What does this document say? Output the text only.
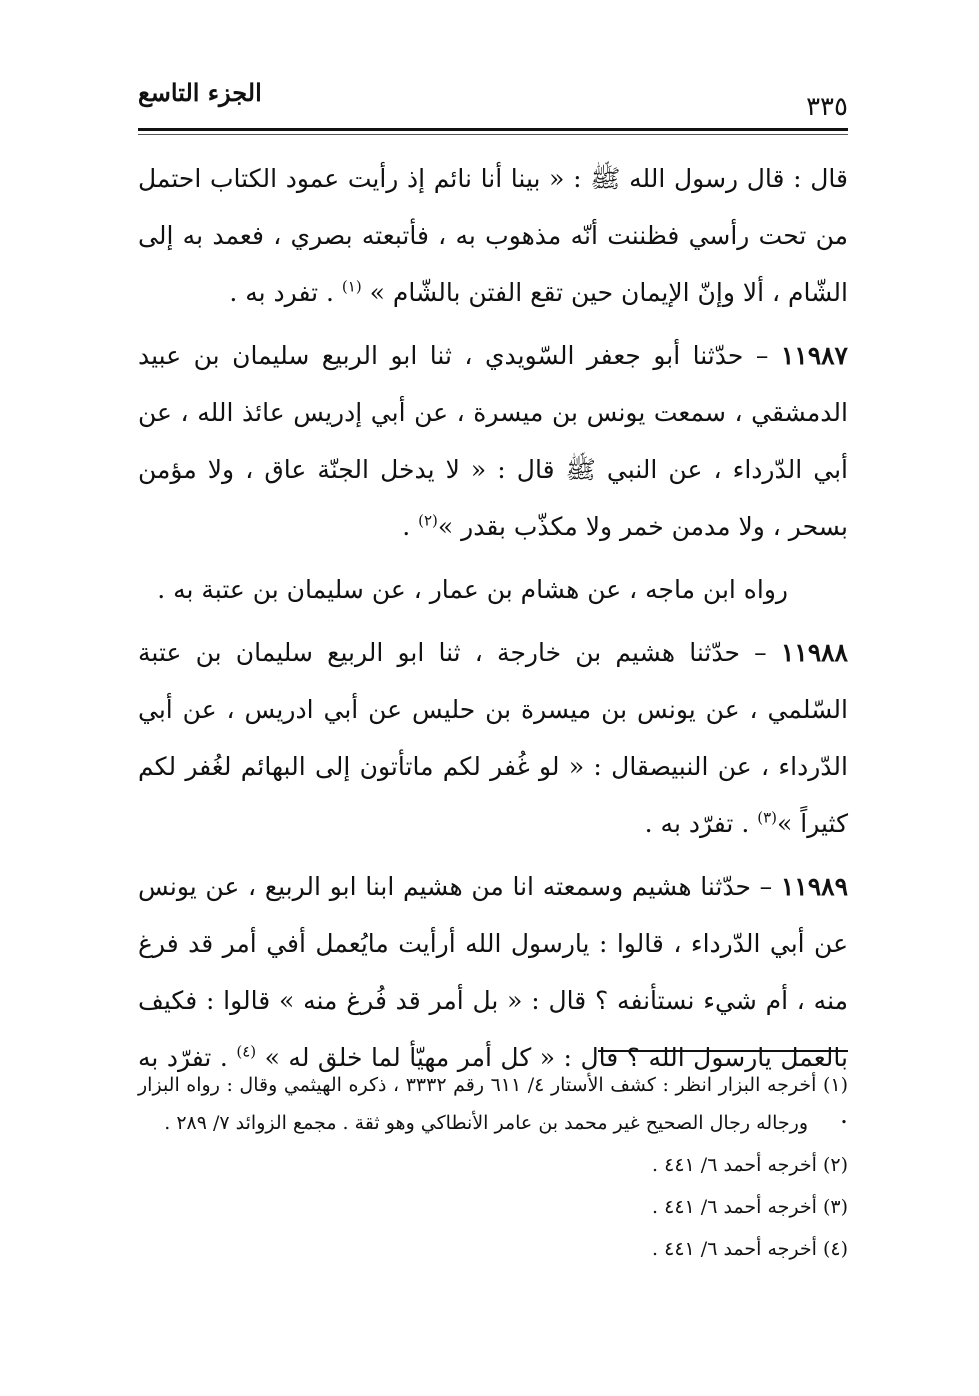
الجزء التاسع	٣٣٥

قال : قال رسول الله ﷺ : « بينا أنا نائم إذ رأيت عمود الكتاب احتمل من تحت رأسي فظننت أنّه مذهوب به ، فأتبعته بصري ، فعمد به إلى الشّام ، ألا وإنّ الإيمان حين تقع الفتن بالشّام » $^{(١)}$ . تفرد به .

١١٩٨٧ – حدّثنا أبو جعفر السّويدي ، ثنا ابو الربيع سليمان بن عبيد الدمشقي ، سمعت يونس بن ميسرة ، عن أبي إدريس عائذ الله ، عن أبي الدّرداء ، عن النبي ﷺ قال : « لا يدخل الجنّة عاق ، ولا مؤمن بسحر ، ولا مدمن خمر ولا مكذّب بقدر »$^{(٢)}$ .

رواه ابن ماجه ، عن هشام بن عمار ، عن سليمان بن عتبة به .

١١٩٨٨ – حدّثنا هشيم بن خارجة ، ثنا ابو الربيع سليمان بن عتبة السّلمي ، عن يونس بن ميسرة بن حليس عن أبي ادريس ، عن أبي الدّرداء ، عن النبيصقال : « لو غُفر لكم ماتأتون إلى البهائم لغُفر لكم كثيراً »$^{(٣)}$ . تفرّد به .

١١٩٨٩ – حدّثنا هشيم وسمعته انا من هشيم ابنا ابو الربيع ، عن يونس عن أبي الدّرداء ، قالوا : يارسول الله أرأيت مايُعمل أفي أمر قد فرغ منه ، أم شيء نستأنفه ؟ قال : « بل أمر قد فُرغ منه » قالوا : فكيف بالعمل يارسول الله ؟ قال : « كل أمر مهيّأ لما خلق له » $^{(٤)}$ . تفرّد به .

(١) أخرجه البزار انظر : كشف الأستار ٤/ ٦١١ رقم ٣٣٣٢ ، ذكره الهيثمي وقال : رواه البزار ورجاله رجال الصحيح غير محمد بن عامر الأنطاكي وهو ثقة . مجمع الزوائد ٧/ ٢٨٩ .

(٢) أخرجه أحمد ٦/ ٤٤١ .

(٣) أخرجه أحمد ٦/ ٤٤١ .

(٤) أخرجه أحمد ٦/ ٤٤١ .
